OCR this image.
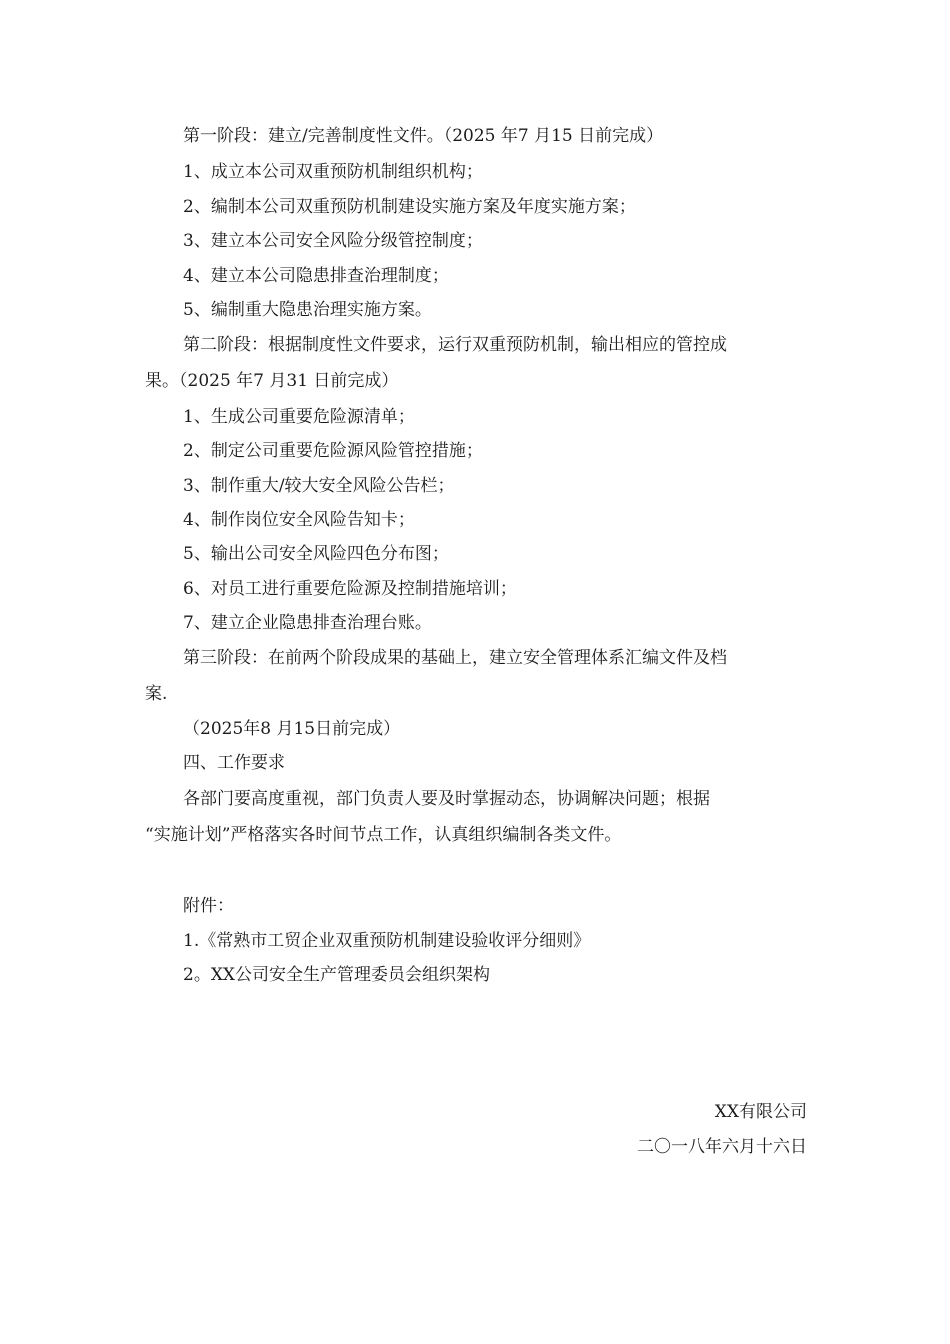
第一阶段：建立/完善制度性文件。（2025 年7 月15 日前完成）
1、成立本公司双重预防机制组织机构；
2、编制本公司双重预防机制建设实施方案及年度实施方案；
3、建立本公司安全风险分级管控制度；
4、建立本公司隐患排查治理制度；
5、编制重大隐患治理实施方案。
第二阶段：根据制度性文件要求，运行双重预防机制，输出相应的管控成
果。（2025 年7 月31 日前完成）
1、生成公司重要危险源清单；
2、制定公司重要危险源风险管控措施；
3、制作重大/较大安全风险公告栏；
4、制作岗位安全风险告知卡；
5、输出公司安全风险四色分布图；
6、对员工进行重要危险源及控制措施培训；
7、建立企业隐患排查治理台账。
第三阶段：在前两个阶段成果的基础上，建立安全管理体系汇编文件及档
案.
（2025年8 月15日前完成）
四、工作要求
各部门要高度重视，部门负责人要及时掌握动态，协调解决问题；根据
“实施计划”严格落实各时间节点工作，认真组织编制各类文件。
附件：
1.《常熟市工贸企业双重预防机制建设验收评分细则》
2。XX公司安全生产管理委员会组织架构
XX有限公司
二〇一八年六月十六日
